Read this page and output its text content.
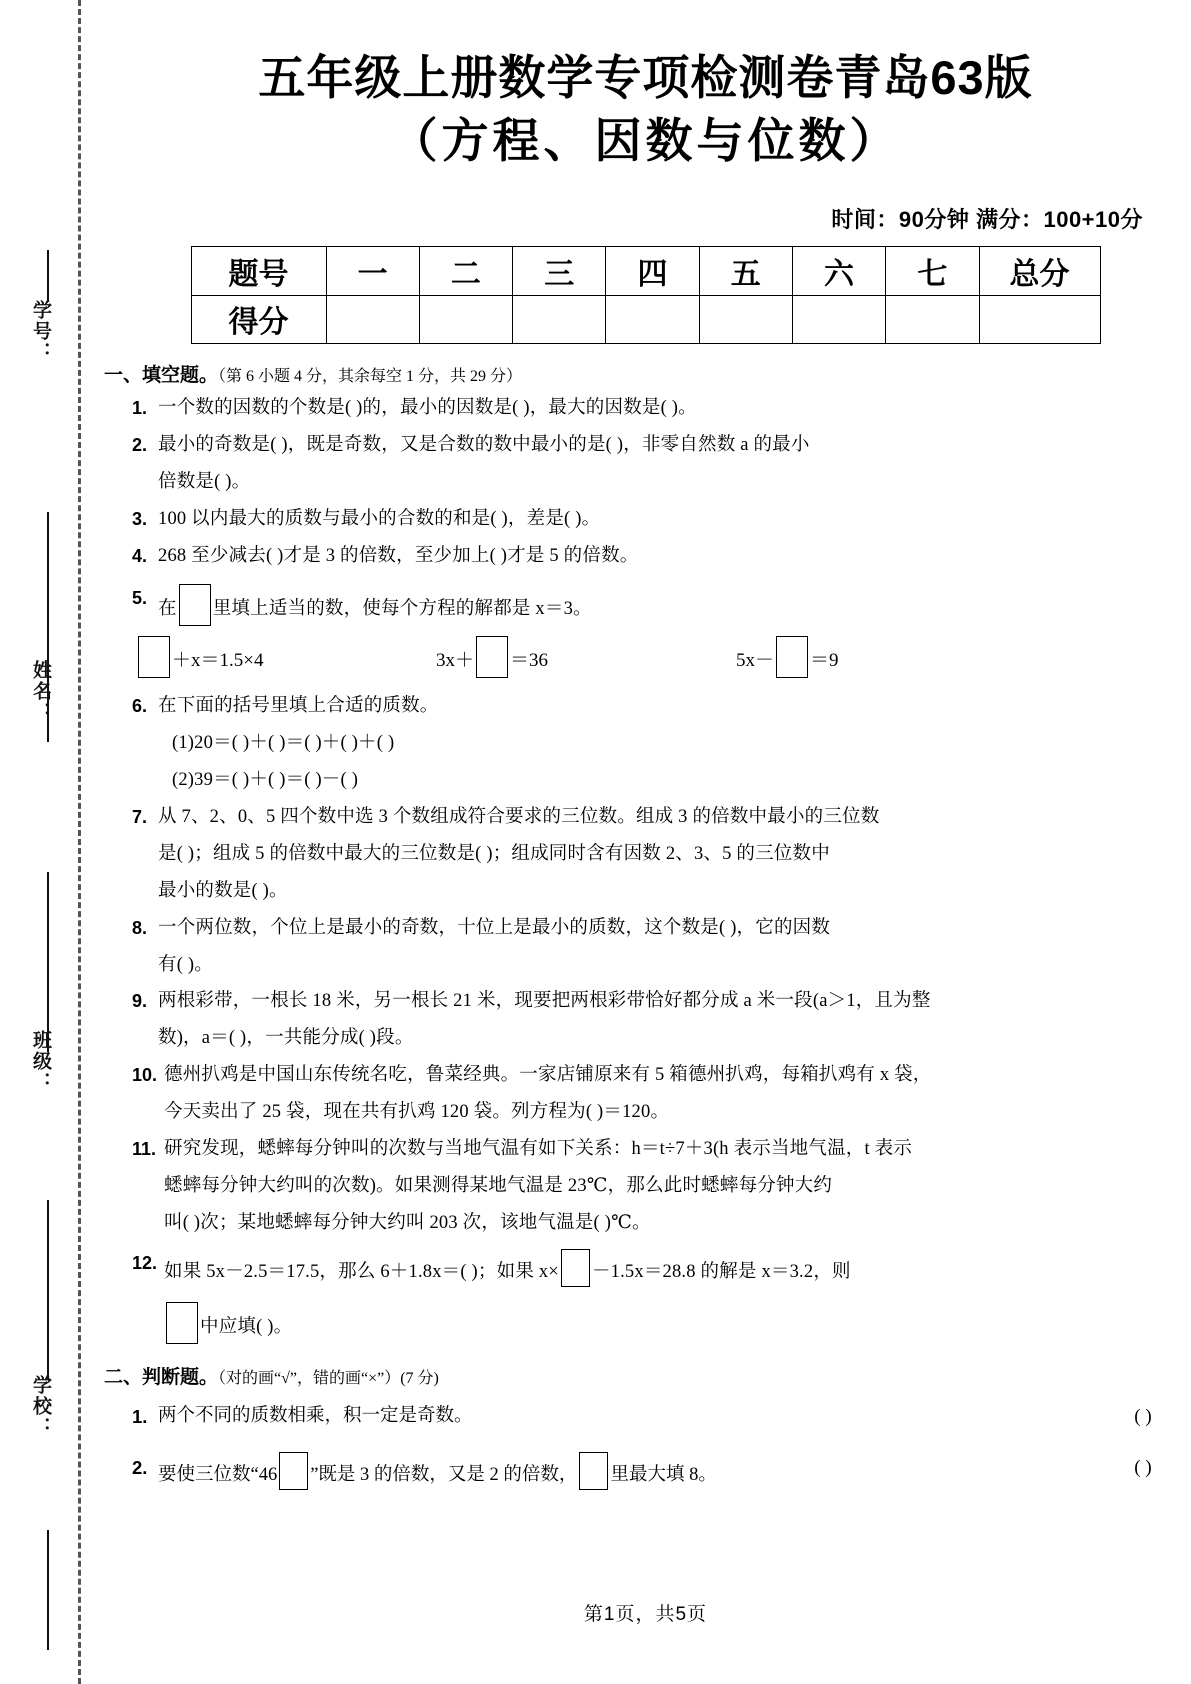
学号：
姓名：
班级：
学校：
五年级上册数学专项检测卷青岛63版
（方程、因数与位数）
时间：90分钟 满分：100+10分
题号	一	二	三	四	五	六	七	总分
得分								
一、填空题。（第 6 小题 4 分，其余每空 1 分，共 29 分）
1. 一个数的因数的个数是( )的，最小的因数是( )，最大的因数是( )。
2. 最小的奇数是( )，既是奇数，又是合数的数中最小的是( )，非零自然数 a 的最小
倍数是( )。
3. 100 以内最大的质数与最小的合数的和是( )，差是( )。
4. 268 至少减去( )才是 3 的倍数，至少加上( )才是 5 的倍数。
5.
在 里填上适当的数，使每个方程的解都是 x＝3。
＋x＝1.5×4	3x＋ ＝36	5x－ ＝9
6. 在下面的括号里填上合适的质数。
(1)20＝( )＋( )＝( )＋( )＋( )
(2)39＝( )＋( )＝( )－( )
7. 从 7、2、0、5 四个数中选 3 个数组成符合要求的三位数。组成 3 的倍数中最小的三位数
是( )；组成 5 的倍数中最大的三位数是( )；组成同时含有因数 2、3、5 的三位数中
最小的数是( )。
8. 一个两位数，个位上是最小的奇数，十位上是最小的质数，这个数是( )，它的因数
有( )。
9. 两根彩带，一根长 18 米，另一根长 21 米，现要把两根彩带恰好都分成 a 米一段(a＞1，且为整
数)，a＝( )，一共能分成( )段。
10. 德州扒鸡是中国山东传统名吃，鲁菜经典。一家店铺原来有 5 箱德州扒鸡，每箱扒鸡有 x 袋，
今天卖出了 25 袋，现在共有扒鸡 120 袋。列方程为( )＝120。
11. 研究发现，蟋蟀每分钟叫的次数与当地气温有如下关系：h＝t÷7＋3(h 表示当地气温，t 表示
蟋蟀每分钟大约叫的次数)。如果测得某地气温是 23℃，那么此时蟋蟀每分钟大约
叫( )次；某地蟋蟀每分钟大约叫 203 次，该地气温是( )℃。
12. 如果 5x－2.5＝17.5，那么 6＋1.8x＝( )；如果 x× －1.5x＝28.8 的解是 x＝3.2，则
中应填( )。
二、判断题。（对的画“√”，错的画“×”）(7 分)
1. 两个不同的质数相乘，积一定是奇数。	( )
2. 要使三位数“46 ”既是 3 的倍数，又是 2 的倍数， 里最大填 8。	( )
第1页，共5页
